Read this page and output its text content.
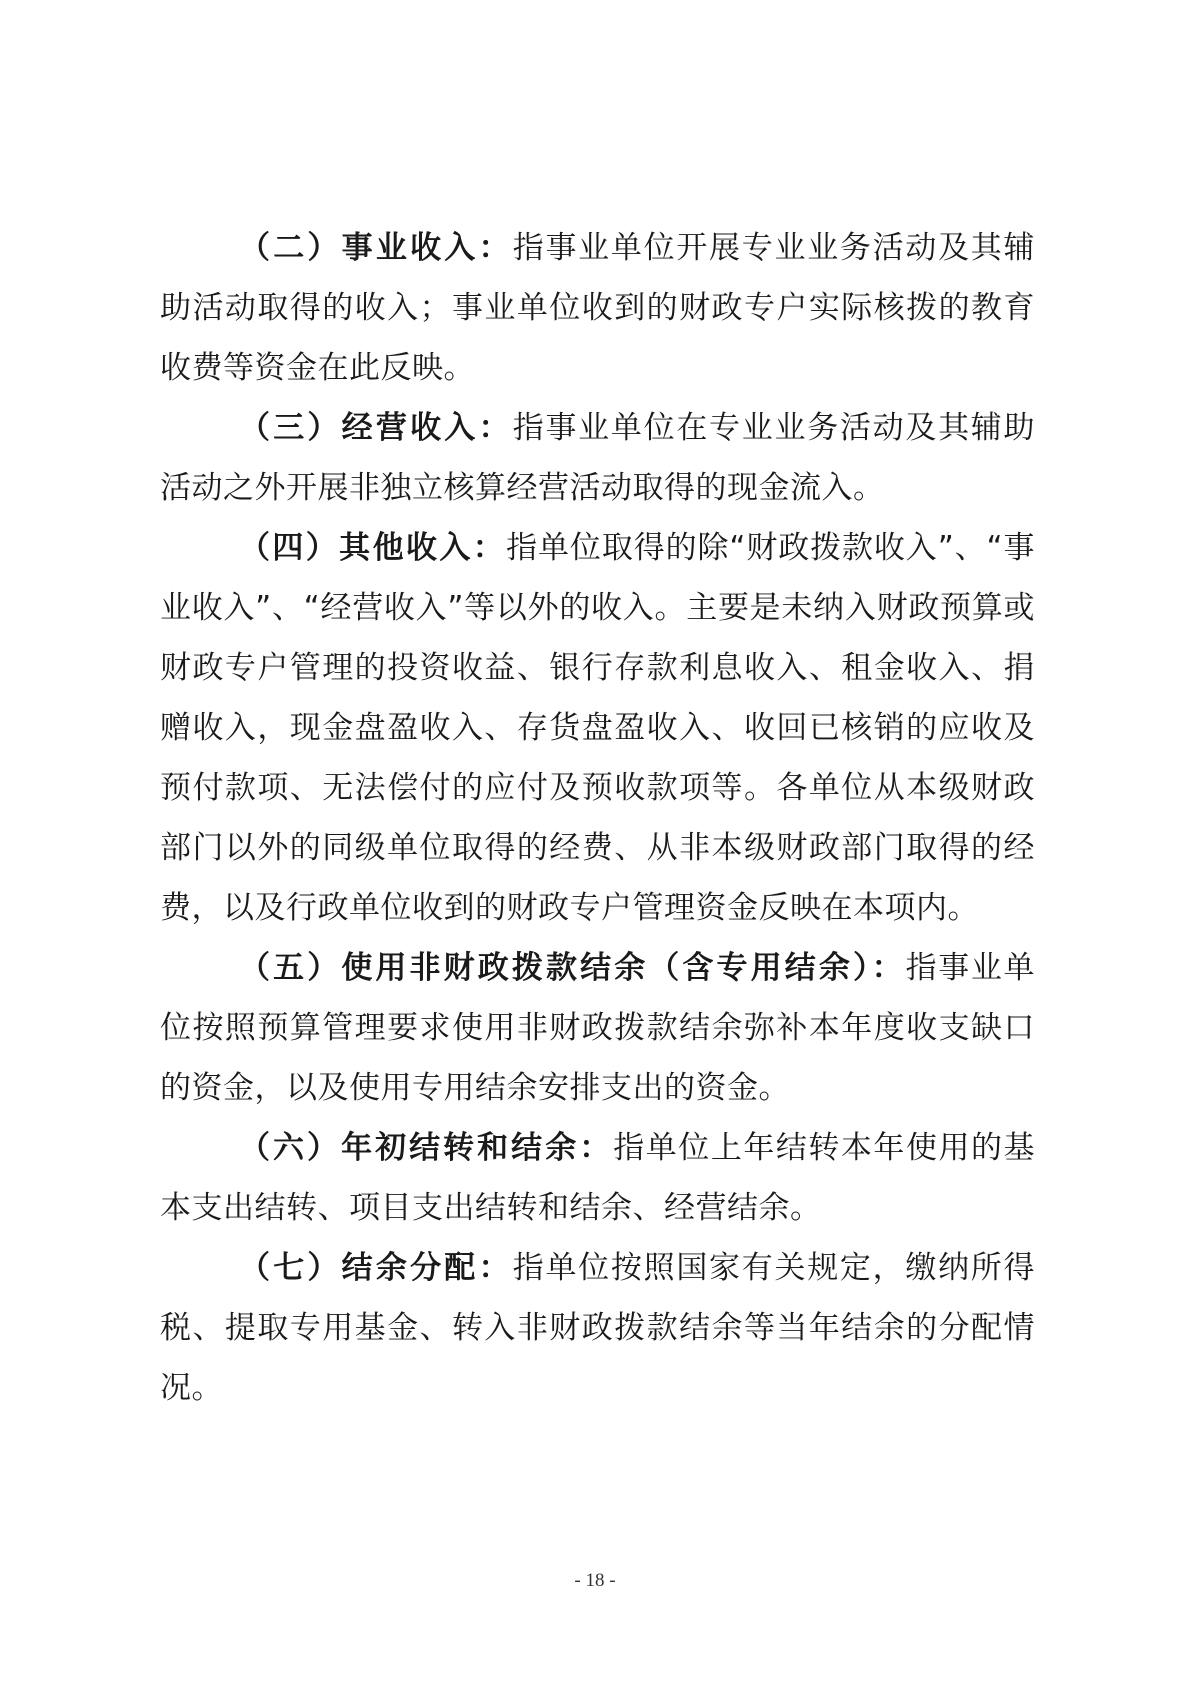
（二）事业收入：指事业单位开展专业业务活动及其辅助活动取得的收入；事业单位收到的财政专户实际核拨的教育收费等资金在此反映。

（三）经营收入：指事业单位在专业业务活动及其辅助活动之外开展非独立核算经营活动取得的现金流入。

（四）其他收入：指单位取得的除“财政拨款收入”、“事业收入”、“经营收入”等以外的收入。主要是未纳入财政预算或财政专户管理的投资收益、银行存款利息收入、租金收入、捐赠收入，现金盘盈收入、存货盘盈收入、收回已核销的应收及预付款项、无法偿付的应付及预收款项等。各单位从本级财政部门以外的同级单位取得的经费、从非本级财政部门取得的经费，以及行政单位收到的财政专户管理资金反映在本项内。

（五）使用非财政拨款结余（含专用结余）：指事业单位按照预算管理要求使用非财政拨款结余弥补本年度收支缺口的资金，以及使用专用结余安排支出的资金。

（六）年初结转和结余：指单位上年结转本年使用的基本支出结转、项目支出结转和结余、经营结余。

（七）结余分配：指单位按照国家有关规定，缴纳所得税、提取专用基金、转入非财政拨款结余等当年结余的分配情况。

- 18 -
